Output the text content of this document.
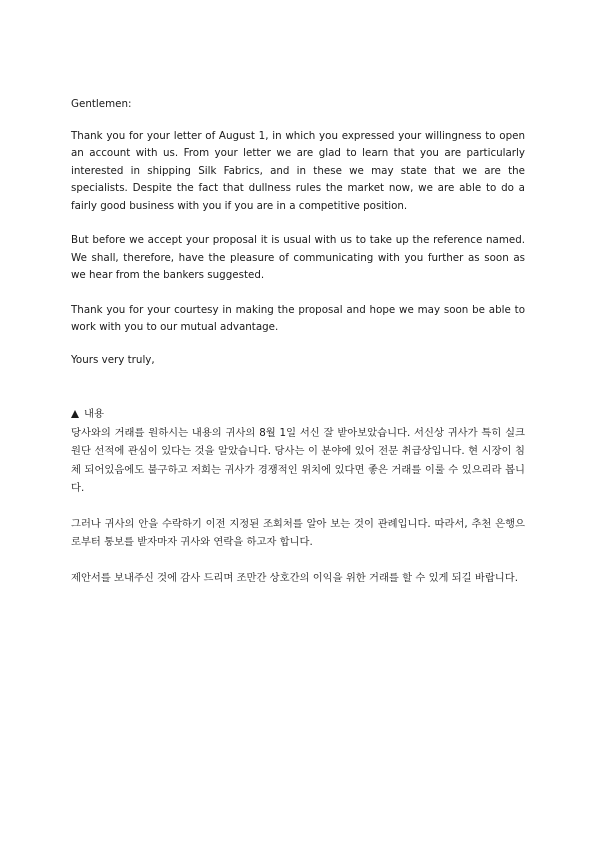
Gentlemen:

Thank you for your letter of August 1, in which you expressed your willingness to open an account with us. From your letter we are glad to learn that you are particularly interested in shipping Silk Fabrics, and in these we may state that we are the specialists. Despite the fact that dullness rules the market now, we are able to do a fairly good business with you if you are in a competitive position.

But before we accept your proposal it is usual with us to take up the reference named. We shall, therefore, have the pleasure of communicating with you further as soon as we hear from the bankers suggested.

Thank you for your courtesy in making the proposal and hope we may soon be able to work with you to our mutual advantage.

Yours very truly,

내용

당사와의 거래를 원하시는 내용의 귀사의 8월 1일 서신 잘 받아보았습니다. 서신상 귀사가 특히 실크 원단 선적에 관심이 있다는 것을 알았습니다. 당사는 이 분야에 있어 전문 취급상입니다. 현 시장이 침체 되어있음에도 불구하고 저희는 귀사가 경쟁적인 위치에 있다면 좋은 거래를 이룰 수 있으리라 봅니다.

그러나 귀사의 안을 수락하기 이전 지정된 조회처를 알아 보는 것이 관례입니다. 따라서, 추천 은행으로부터 통보를 받자마자 귀사와 연락을 하고자 합니다.

제안서를 보내주신 것에 감사 드리며 조만간 상호간의 이익을 위한 거래를 할 수 있게 되길 바랍니다.
